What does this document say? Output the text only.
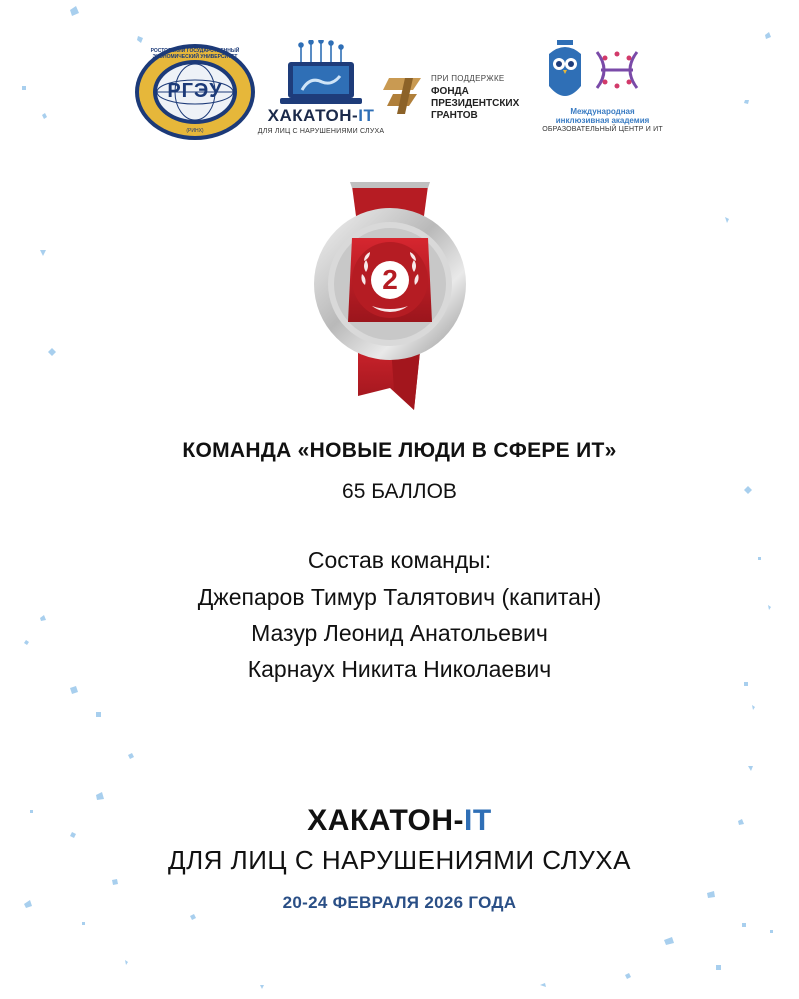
РГЭУ
РОСТОВСКИЙ ГОСУДАРСТВЕННЫЙ ЭКОНОМИЧЕСКИЙ УНИВЕРСИТЕТ
(РИНХ)
ХАКАТОН-IT
ДЛЯ ЛИЦ С НАРУШЕНИЯМИ СЛУХА
ПРИ ПОДДЕРЖКЕ
ФОНДА
ПРЕЗИДЕНТСКИХ
ГРАНТОВ	Международная
инклюзивная академия
ОБРАЗОВАТЕЛЬНЫЙ ЦЕНТР И ИТ
2
КОМАНДА «НОВЫЕ ЛЮДИ В СФЕРЕ ИТ»
65 БАЛЛОВ
Состав команды:
Джепаров Тимур Талятович (капитан)
Мазур Леонид Анатольевич
Карнаух Никита Николаевич
ХАКАТОН-IT
ДЛЯ ЛИЦ С НАРУШЕНИЯМИ СЛУХА
20-24 ФЕВРАЛЯ 2026 ГОДА
